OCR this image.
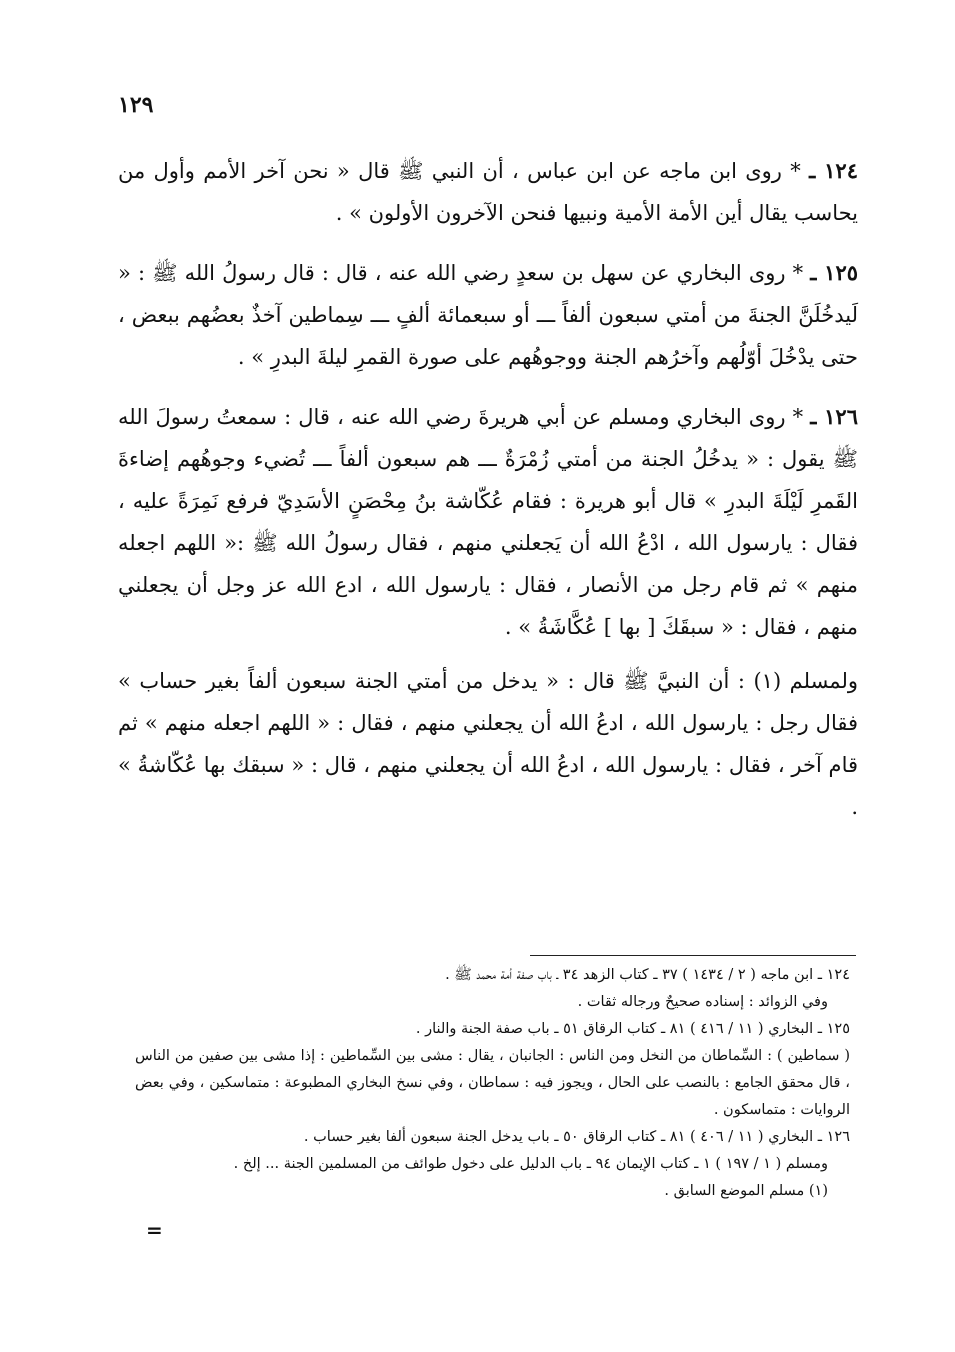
١٢٩

١٢٤ ـ * روى ابن ماجه عن ابن عباس ، أن النبي ﷺ قال « نحن آخر الأمم وأول من يحاسب يقال أين الأمة الأمية ونبيها فنحن الآخرون الأولون » .

١٢٥ ـ * روى البخاري عن سهل بن سعدٍ رضي الله عنه ، قال : قال رسولُ الله ﷺ : « لَيدخُلَنَّ الجنةَ من أمتي سبعون ألفاً ـــ أو سبعمائة ألفٍ ـــ سِماطين آخذٌ بعضُهم ببعض ، حتى يدْخُلَ أوّلُهم وآخرُهم الجنة ووجوهُهم على صورة القمرِ ليلةَ البدرِ » .

١٢٦ ـ * روى البخاري ومسلم عن أبي هريرةَ رضي الله عنه ، قال : سمعتُ رسولَ الله ﷺ يقول : « يدخُلُ الجنة من أمتي زُمْرَةٌ ـــ هم سبعون ألفاً ـــ تُضيء وجوهُهم إضاءةَ القَمرِ لَيْلَةَ البدرِ » قال أبو هريرة : فقام عُكّاشة بنُ مِحْصَنٍ الأسَدِيّ فرفع نَمِرَةً عليه ، فقال : يارسول الله ، ادْعُ الله أن يَجعلني منهم ، فقال رسولُ الله ﷺ :« اللهم اجعله منهم » ثم قام رجل من الأنصار ، فقال : يارسول الله ، ادع الله عز وجل أن يجعلني منهم ، فقال : « سبقَكَ [ بها ] عُكَّاشَةُ » .

ولمسلم (١) : أن النبيَّ ﷺ قال : « يدخل من أمتي الجنة سبعون ألفاً بغير حساب » فقال رجل : يارسول الله ، ادعُ الله أن يجعلني منهم ، فقال : « اللهم اجعله منهم » ثم قام آخر ، فقال : يارسول الله ، ادعُ الله أن يجعلني منهم ، قال : « سبقك بها عُكّاشةُ » .

١٢٤ ـ ابن ماجه ( ٢ / ١٤٣٤ ) ٣٧ ـ كتاب الزهد ٣٤ ـ باب صفة أمة محمد ﷺ .

وفي الزوائد : إسناده صحيحٌ ورجاله ثقات .

١٢٥ ـ البخاري ( ١١ / ٤١٦ ) ٨١ ـ كتاب الرقاق ٥١ ـ باب صفة الجنة والنار .

( سماطين ) : السِّماطان من النخل ومن الناس : الجانبان ، يقال : مشى بين السِّماطين : إذا مشى بين صفين من الناس ، قال محقق الجامع : بالنصب على الحال ، ويجوز فيه : سماطان ، وفي نسخ البخاري المطبوعة : متماسكين ، وفي بعض الروايات : متماسكون .

١٢٦ ـ البخاري ( ١١ / ٤٠٦ ) ٨١ ـ كتاب الرقاق ٥٠ ـ باب يدخل الجنة سبعون ألفا بغير حساب .

ومسلم ( ١ / ١٩٧ ) ١ ـ كتاب الإيمان ٩٤ ـ باب الدليل على دخول طوائف من المسلمين الجنة ... إلخ .

(١) مسلم الموضع السابق .

=
